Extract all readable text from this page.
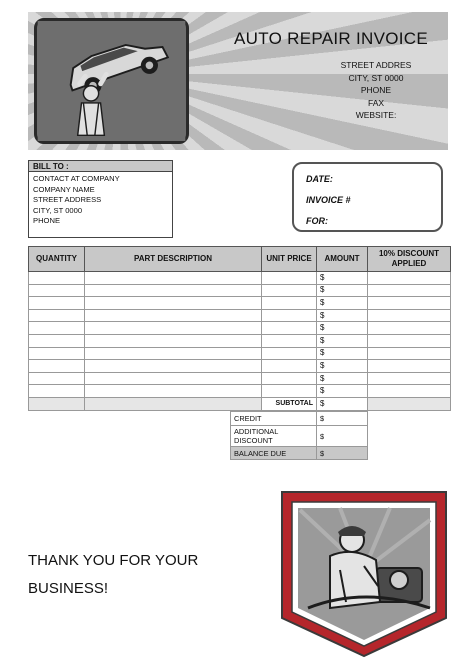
AUTO REPAIR INVOICE
STREET ADDRES
CITY, ST 0000
PHONE
FAX
WEBSITE:
BILL TO :
CONTACT AT COMPANY
COMPANY NAME
STREET ADDRESS
CITY, ST 0000
PHONE
DATE:
INVOICE #
FOR:
QUANTITY	PART DESCRIPTION	UNIT PRICE	AMOUNT	10% DISCOUNT APPLIED
			$	
			$	
			$	
			$	
			$	
			$	
			$	
			$	
			$	
			$	
		SUBTOTAL	$	
CREDIT	$
ADDITIONAL DISCOUNT	$
BALANCE DUE	$
THANK YOU FOR YOUR
BUSINESS!
